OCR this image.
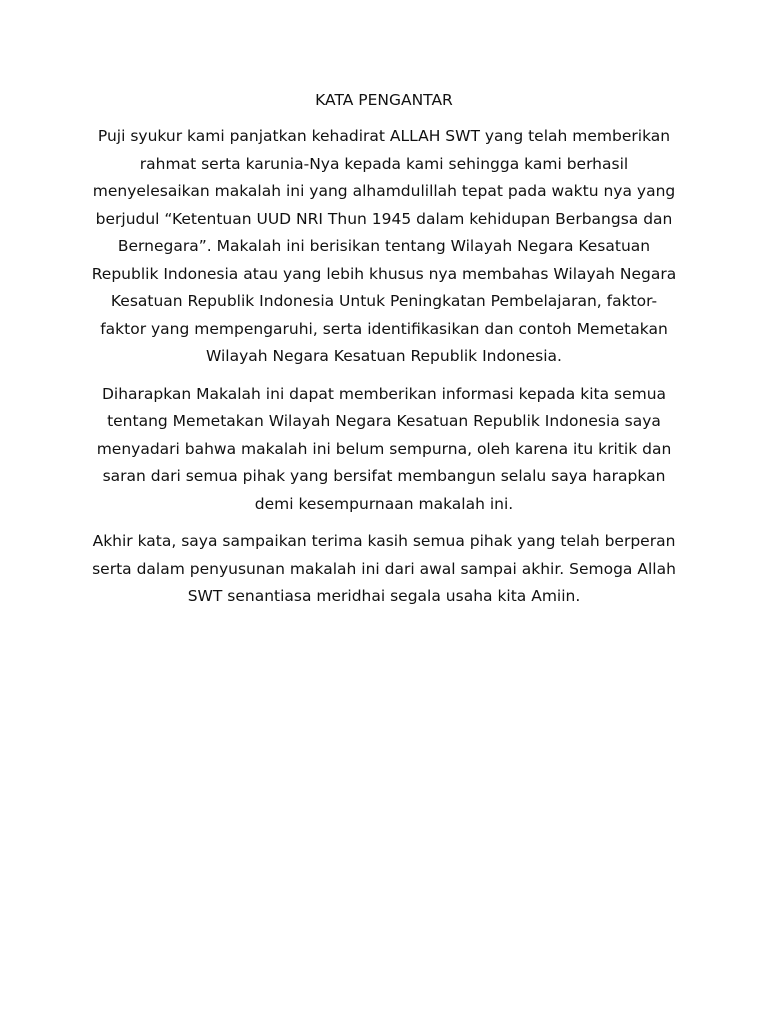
KATA PENGANTAR

Puji syukur kami panjatkan kehadirat ALLAH SWT yang telah memberikan rahmat serta karunia-Nya kepada kami sehingga kami berhasil menyelesaikan makalah ini yang alhamdulillah tepat pada waktu nya yang berjudul “Ketentuan UUD NRI Thun 1945 dalam kehidupan Berbangsa dan Bernegara”. Makalah ini berisikan tentang Wilayah Negara Kesatuan Republik Indonesia atau yang lebih khusus nya membahas Wilayah Negara Kesatuan Republik Indonesia Untuk Peningkatan Pembelajaran, faktor-faktor yang mempengaruhi, serta identifikasikan dan contoh Memetakan Wilayah Negara Kesatuan Republik Indonesia.

Diharapkan Makalah ini dapat memberikan informasi kepada kita semua tentang Memetakan Wilayah Negara Kesatuan Republik Indonesia saya menyadari bahwa makalah ini belum sempurna, oleh karena itu kritik dan saran dari semua pihak yang bersifat membangun selalu saya harapkan demi kesempurnaan makalah ini.

Akhir kata, saya sampaikan terima kasih semua pihak yang telah berperan serta dalam penyusunan makalah ini dari awal sampai akhir. Semoga Allah SWT senantiasa meridhai segala usaha kita Amiin.
